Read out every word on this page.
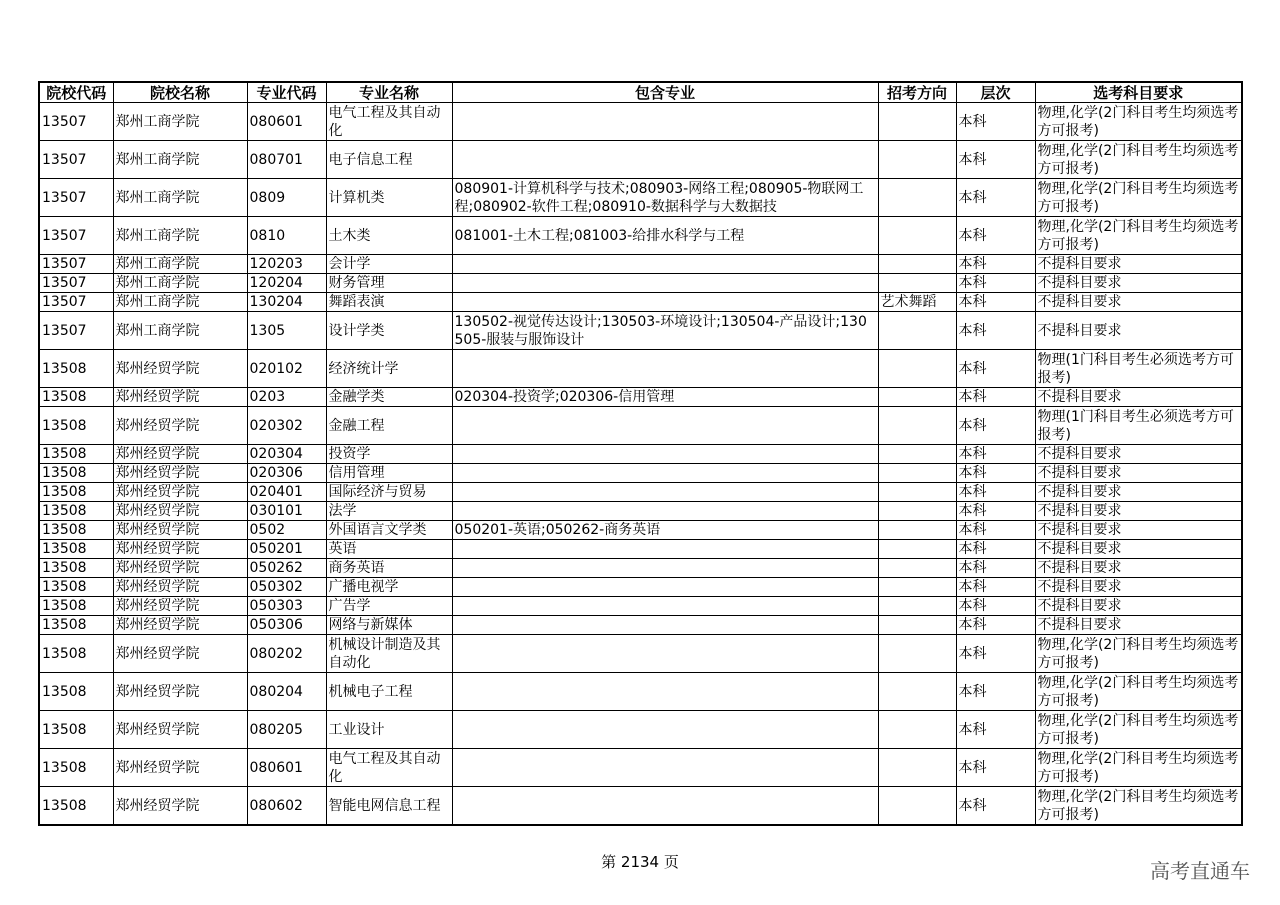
院校代码	院校名称	专业代码	专业名称	包含专业	招考方向	层次	选考科目要求
13507	郑州工商学院	080601	电气工程及其自动化			本科	物理,化学(2门科目考生均须选考方可报考)
13507	郑州工商学院	080701	电子信息工程			本科	物理,化学(2门科目考生均须选考方可报考)
13507	郑州工商学院	0809	计算机类	080901-计算机科学与技术;080903-网络工程;080905-物联网工程;080902-软件工程;080910-数据科学与大数据技		本科	物理,化学(2门科目考生均须选考方可报考)
13507	郑州工商学院	0810	土木类	081001-土木工程;081003-给排水科学与工程		本科	物理,化学(2门科目考生均须选考方可报考)
13507	郑州工商学院	120203	会计学			本科	不提科目要求
13507	郑州工商学院	120204	财务管理			本科	不提科目要求
13507	郑州工商学院	130204	舞蹈表演		艺术舞蹈	本科	不提科目要求
13507	郑州工商学院	1305	设计学类	130502-视觉传达设计;130503-环境设计;130504-产品设计;130505-服装与服饰设计		本科	不提科目要求
13508	郑州经贸学院	020102	经济统计学			本科	物理(1门科目考生必须选考方可报考)
13508	郑州经贸学院	0203	金融学类	020304-投资学;020306-信用管理		本科	不提科目要求
13508	郑州经贸学院	020302	金融工程			本科	物理(1门科目考生必须选考方可报考)
13508	郑州经贸学院	020304	投资学			本科	不提科目要求
13508	郑州经贸学院	020306	信用管理			本科	不提科目要求
13508	郑州经贸学院	020401	国际经济与贸易			本科	不提科目要求
13508	郑州经贸学院	030101	法学			本科	不提科目要求
13508	郑州经贸学院	0502	外国语言文学类	050201-英语;050262-商务英语		本科	不提科目要求
13508	郑州经贸学院	050201	英语			本科	不提科目要求
13508	郑州经贸学院	050262	商务英语			本科	不提科目要求
13508	郑州经贸学院	050302	广播电视学			本科	不提科目要求
13508	郑州经贸学院	050303	广告学			本科	不提科目要求
13508	郑州经贸学院	050306	网络与新媒体			本科	不提科目要求
13508	郑州经贸学院	080202	机械设计制造及其自动化			本科	物理,化学(2门科目考生均须选考方可报考)
13508	郑州经贸学院	080204	机械电子工程			本科	物理,化学(2门科目考生均须选考方可报考)
13508	郑州经贸学院	080205	工业设计			本科	物理,化学(2门科目考生均须选考方可报考)
13508	郑州经贸学院	080601	电气工程及其自动化			本科	物理,化学(2门科目考生均须选考方可报考)
13508	郑州经贸学院	080602	智能电网信息工程			本科	物理,化学(2门科目考生均须选考方可报考)
第 2134 页	高考直通车
